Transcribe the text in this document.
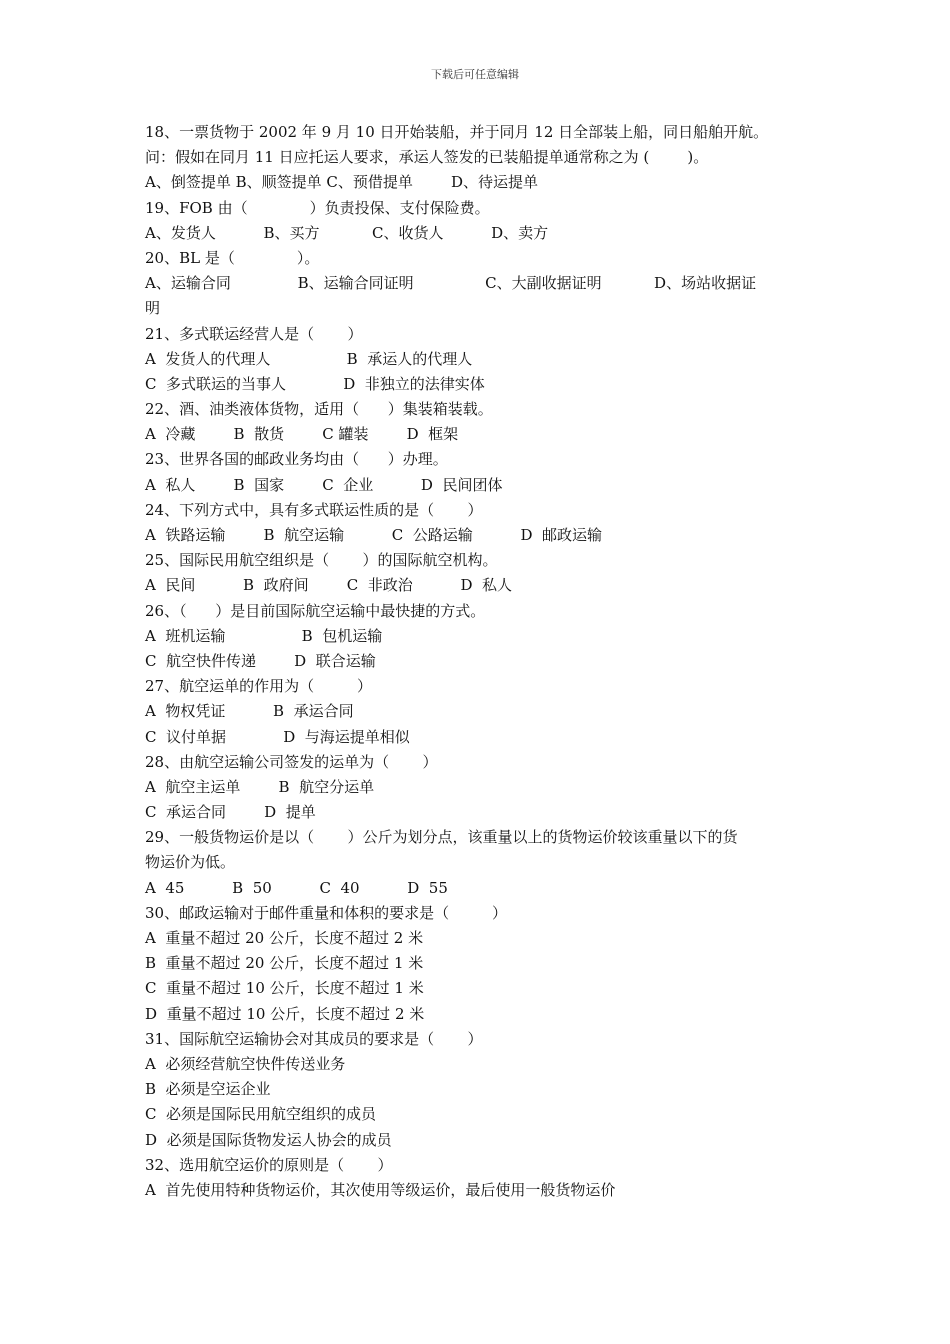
下载后可任意编辑
18、一票货物于 2002 年 9 月 10 日开始装船，并于同月 12 日全部装上船，同日船舶开航。
问：假如在同月 11 日应托运人要求，承运人签发的已装船提单通常称之为 (        )。
A、倒签提单 B、顺签提单 C、预借提单        D、待运提单
19、FOB 由（             ）负责投保、支付保险费。
A、发货人          B、买方           C、收货人          D、卖方
20、BL 是（             ）。
A、运输合同              B、运输合同证明               C、大副收据证明           D、场站收据证
明
21、多式联运经营人是（       ）
A  发货人的代理人                B  承运人的代理人
C  多式联运的当事人            D  非独立的法律实体
22、酒、油类液体货物，适用（      ）集装箱装载。
A  冷藏        B  散货        C 罐装        D  框架
23、世界各国的邮政业务均由（      ）办理。
A  私人        B  国家        C  企业          D  民间团体
24、下列方式中，具有多式联运性质的是（       ）
A  铁路运输        B  航空运输          C  公路运输          D  邮政运输
25、国际民用航空组织是（       ）的国际航空机构。
A  民间          B  政府间        C  非政治          D  私人
26、（      ）是目前国际航空运输中最快捷的方式。
A  班机运输                B  包机运输
C  航空快件传递        D  联合运输
27、航空运单的作用为（         ）
A  物权凭证          B  承运合同
C  议付单据            D  与海运提单相似
28、由航空运输公司签发的运单为（       ）
A  航空主运单        B  航空分运单
C  承运合同        D  提单
29、一般货物运价是以（       ）公斤为划分点，该重量以上的货物运价较该重量以下的货
物运价为低。
A  45          B  50          C  40          D  55
30、邮政运输对于邮件重量和体积的要求是（         ）
A  重量不超过 20 公斤，长度不超过 2 米
B  重量不超过 20 公斤，长度不超过 1 米
C  重量不超过 10 公斤，长度不超过 1 米
D  重量不超过 10 公斤，长度不超过 2 米
31、国际航空运输协会对其成员的要求是（       ）
A  必须经营航空快件传送业务
B  必须是空运企业
C  必须是国际民用航空组织的成员
D  必须是国际货物发运人协会的成员
32、选用航空运价的原则是（       ）
A  首先使用特种货物运价，其次使用等级运价，最后使用一般货物运价
